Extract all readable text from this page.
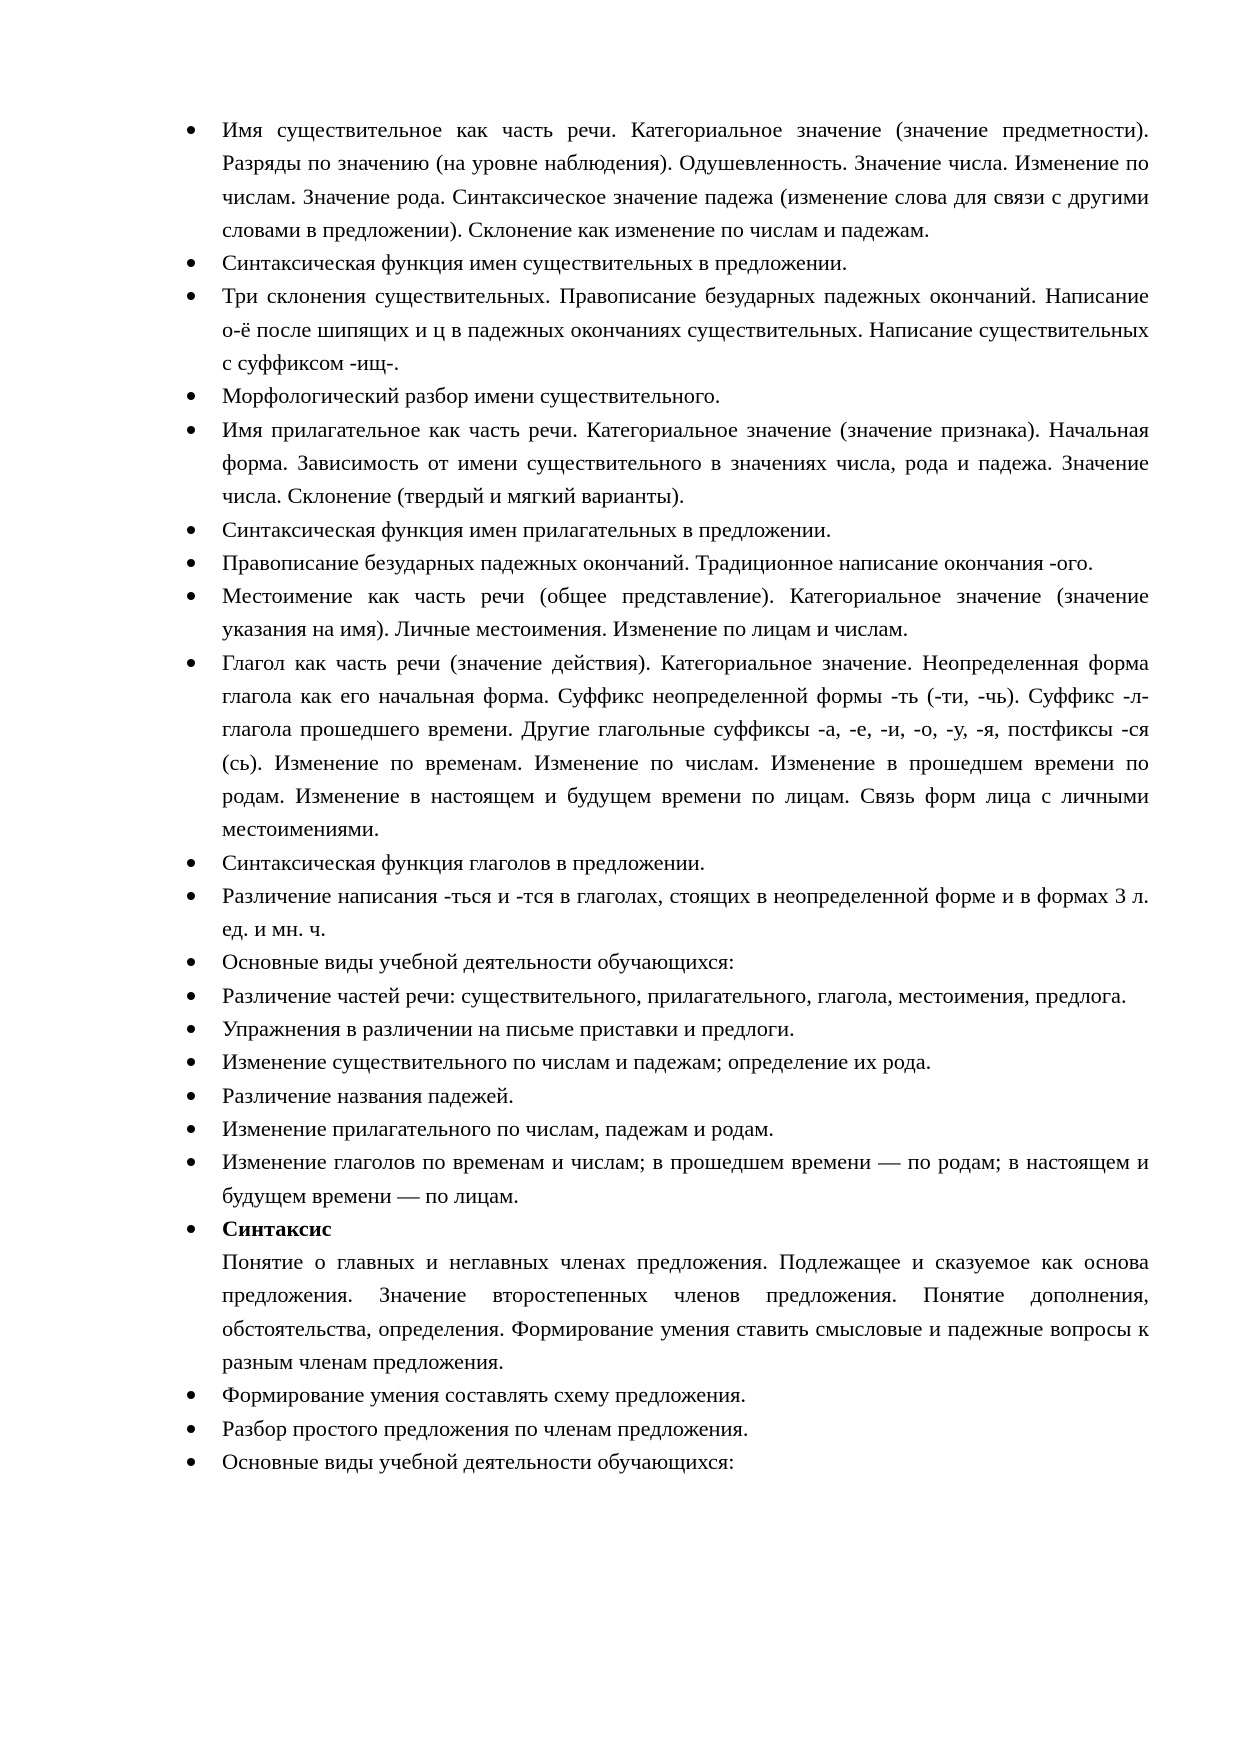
Имя существительное как часть речи. Категориальное значение (значение предметности). Разряды по значению (на уровне наблюдения). Одушевленность. Значение числа. Изменение по числам. Значение рода. Синтаксическое значение падежа (изменение слова для связи с другими словами в предложении). Склонение как изменение по числам и падежам.
Синтаксическая функция имен существительных в предложении.
Три склонения существительных. Правописание безударных падежных окончаний. Написание о-ё после шипящих и ц в падежных окончаниях существительных. Написание существительных с суффиксом -ищ-.
Морфологический разбор имени существительного.
Имя прилагательное как часть речи. Категориальное значение (значение признака). Начальная форма. Зависимость от имени существительного в значениях числа, рода и падежа. Значение числа. Склонение (твердый и мягкий варианты).
Синтаксическая функция имен прилагательных в предложении.
Правописание безударных падежных окончаний. Традиционное написание окончания -ого.
Местоимение как часть речи (общее представление). Категориальное значение (значение указания на имя). Личные местоимения. Изменение по лицам и числам.
Глагол как часть речи (значение действия). Категориальное значение. Неопределенная форма глагола как его начальная форма. Суффикс неопределенной формы -ть (-ти, -чь). Суффикс -л- глагола прошедшего времени. Другие глагольные суффиксы -а, -е, -и, -о, -у, -я, постфиксы -ся (сь). Изменение по временам. Изменение по числам. Изменение в прошедшем времени по родам. Изменение в настоящем и будущем времени по лицам. Связь форм лица с личными местоимениями.
Синтаксическая функция глаголов в предложении.
Различение написания -ться и -тся в глаголах, стоящих в неопределенной форме и в формах 3 л. ед. и мн. ч.
Основные виды учебной деятельности обучающихся:
Различение частей речи: существительного, прилагательного, глагола, местоимения, предлога.
Упражнения в различении на письме приставки и предлоги.
Изменение существительного по числам и падежам; определение их рода.
Различение названия падежей.
Изменение прилагательного по числам, падежам и родам.
Изменение глаголов по временам и числам; в прошедшем времени — по родам; в настоящем и будущем времени — по лицам.
Синтаксис
Понятие о главных и неглавных членах предложения. Подлежащее и сказуемое как основа предложения. Значение второстепенных членов предложения. Понятие дополнения, обстоятельства, определения. Формирование умения ставить смысловые и падежные вопросы к разным членам предложения.
Формирование умения составлять схему предложения.
Разбор простого предложения по членам предложения.
Основные виды учебной деятельности обучающихся:
